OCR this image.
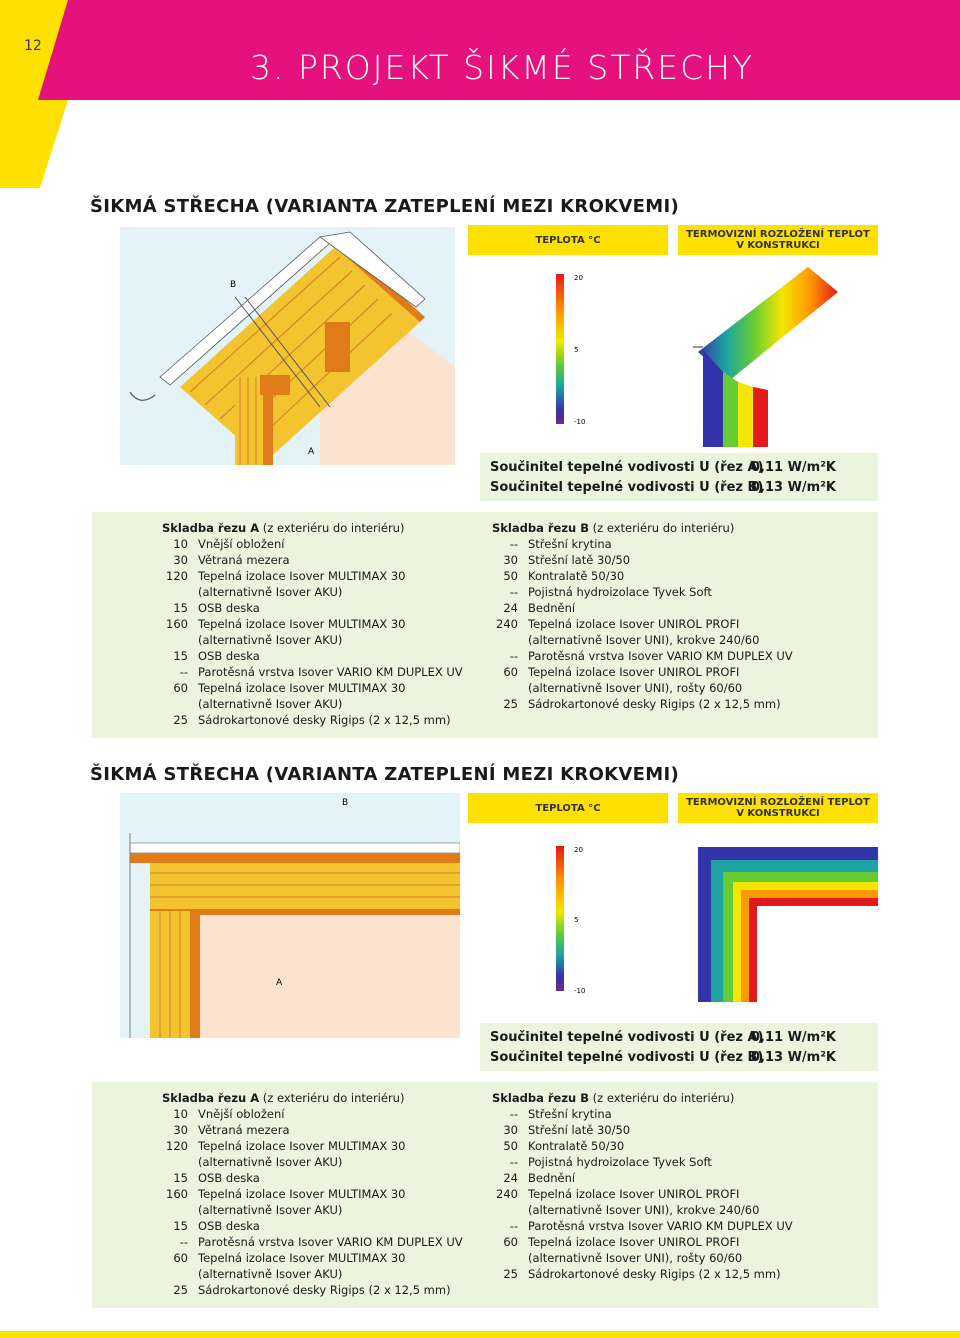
12
3. PROJEKT ŠIKMÉ STŘECHY
ŠIKMÁ STŘECHA (VARIANTA ZATEPLENÍ MEZI KROKVEMI)
B
A
TEPLOTA °C	TERMOVIZNÍ ROZLOŽENÍ TEPLOT
V KONSTRUKCI
20
5
-10
Součinitel tepelné vodivosti U (řez A)
0,11 W/m²K
Součinitel tepelné vodivosti U (řez B)
0,13 W/m²K
Skladba řezu A (z exteriéru do interiéru)
10 Vnější obložení
30 Větraná mezera
120 Tepelná izolace Isover MULTIMAX 30
(alternativně Isover AKU)
15 OSB deska
160 Tepelná izolace Isover MULTIMAX 30
(alternativně Isover AKU)
15 OSB deska
-- Parotěsná vrstva Isover VARIO KM DUPLEX UV
60 Tepelná izolace Isover MULTIMAX 30
(alternativně Isover AKU)
25 Sádrokartonové desky Rigips (2 x 12,5 mm)
Skladba řezu B (z exteriéru do interiéru)
-- Střešní krytina
30 Střešní latě 30/50
50 Kontralatě 50/30
-- Pojistná hydroizolace Tyvek Soft
24 Bednění
240 Tepelná izolace Isover UNIROL PROFI
(alternativně Isover UNI), krokve 240/60
-- Parotěsná vrstva Isover VARIO KM DUPLEX UV
60 Tepelná izolace Isover UNIROL PROFI
(alternativně Isover UNI), rošty 60/60
25 Sádrokartonové desky Rigips (2 x 12,5 mm)
ŠIKMÁ STŘECHA (VARIANTA ZATEPLENÍ MEZI KROKVEMI)
B
A
TEPLOTA °C	TERMOVIZNÍ ROZLOŽENÍ TEPLOT
V KONSTRUKCI
20
5
-10
Součinitel tepelné vodivosti U (řez A)
0,11 W/m²K
Součinitel tepelné vodivosti U (řez B)
0,13 W/m²K
Skladba řezu A (z exteriéru do interiéru)
10 Vnější obložení
30 Větraná mezera
120 Tepelná izolace Isover MULTIMAX 30
(alternativně Isover AKU)
15 OSB deska
160 Tepelná izolace Isover MULTIMAX 30
(alternativně Isover AKU)
15 OSB deska
-- Parotěsná vrstva Isover VARIO KM DUPLEX UV
60 Tepelná izolace Isover MULTIMAX 30
(alternativně Isover AKU)
25 Sádrokartonové desky Rigips (2 x 12,5 mm)
Skladba řezu B (z exteriéru do interiéru)
-- Střešní krytina
30 Střešní latě 30/50
50 Kontralatě 50/30
-- Pojistná hydroizolace Tyvek Soft
24 Bednění
240 Tepelná izolace Isover UNIROL PROFI
(alternativně Isover UNI), krokve 240/60
-- Parotěsná vrstva Isover VARIO KM DUPLEX UV
60 Tepelná izolace Isover UNIROL PROFI
(alternativně Isover UNI), rošty 60/60
25 Sádrokartonové desky Rigips (2 x 12,5 mm)
